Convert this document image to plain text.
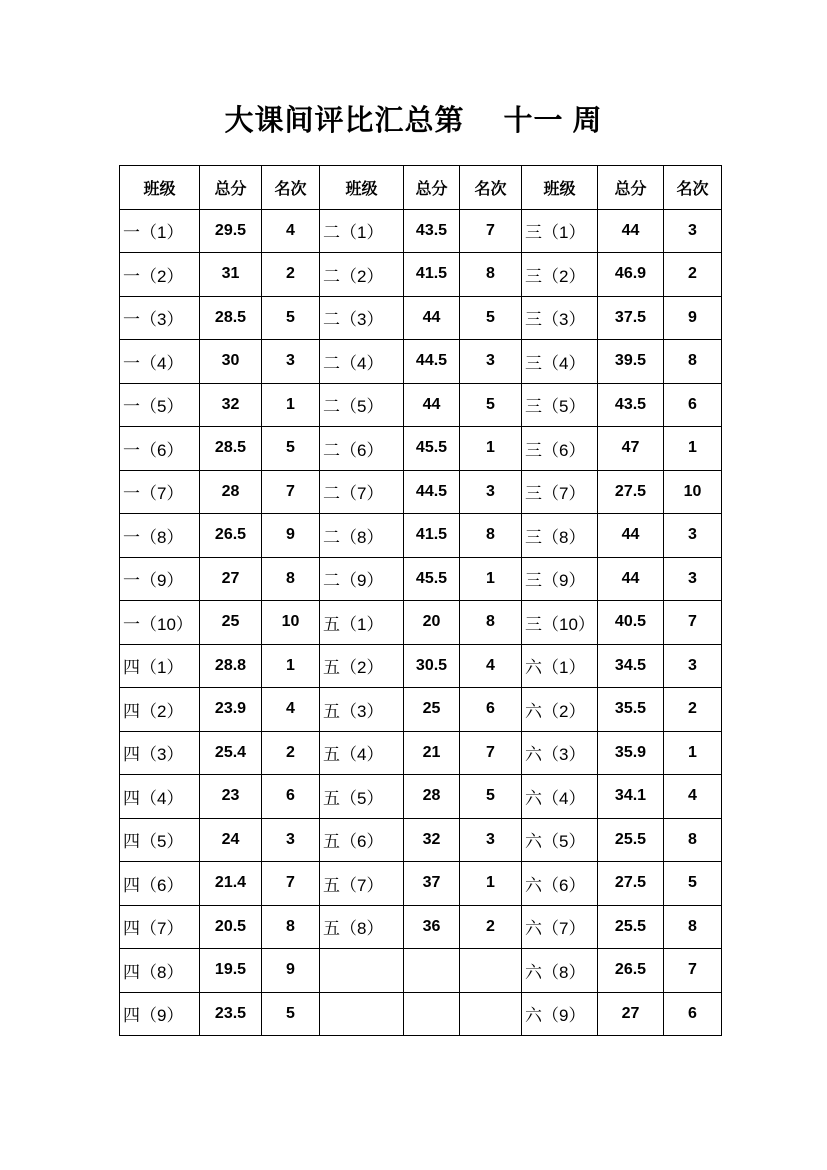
大课间评比汇总第　 十一 周
班级	总分	名次	班级	总分	名次	班级	总分	名次
一（1）	29.5	4	二（1）	43.5	7	三（1）	44	3
一（2）	31	2	二（2）	41.5	8	三（2）	46.9	2
一（3）	28.5	5	二（3）	44	5	三（3）	37.5	9
一（4）	30	3	二（4）	44.5	3	三（4）	39.5	8
一（5）	32	1	二（5）	44	5	三（5）	43.5	6
一（6）	28.5	5	二（6）	45.5	1	三（6）	47	1
一（7）	28	7	二（7）	44.5	3	三（7）	27.5	10
一（8）	26.5	9	二（8）	41.5	8	三（8）	44	3
一（9）	27	8	二（9）	45.5	1	三（9）	44	3
一（10）	25	10	五（1）	20	8	三（10）	40.5	7
四（1）	28.8	1	五（2）	30.5	4	六（1）	34.5	3
四（2）	23.9	4	五（3）	25	6	六（2）	35.5	2
四（3）	25.4	2	五（4）	21	7	六（3）	35.9	1
四（4）	23	6	五（5）	28	5	六（4）	34.1	4
四（5）	24	3	五（6）	32	3	六（5）	25.5	8
四（6）	21.4	7	五（7）	37	1	六（6）	27.5	5
四（7）	20.5	8	五（8）	36	2	六（7）	25.5	8
四（8）	19.5	9				六（8）	26.5	7
四（9）	23.5	5				六（9）	27	6
